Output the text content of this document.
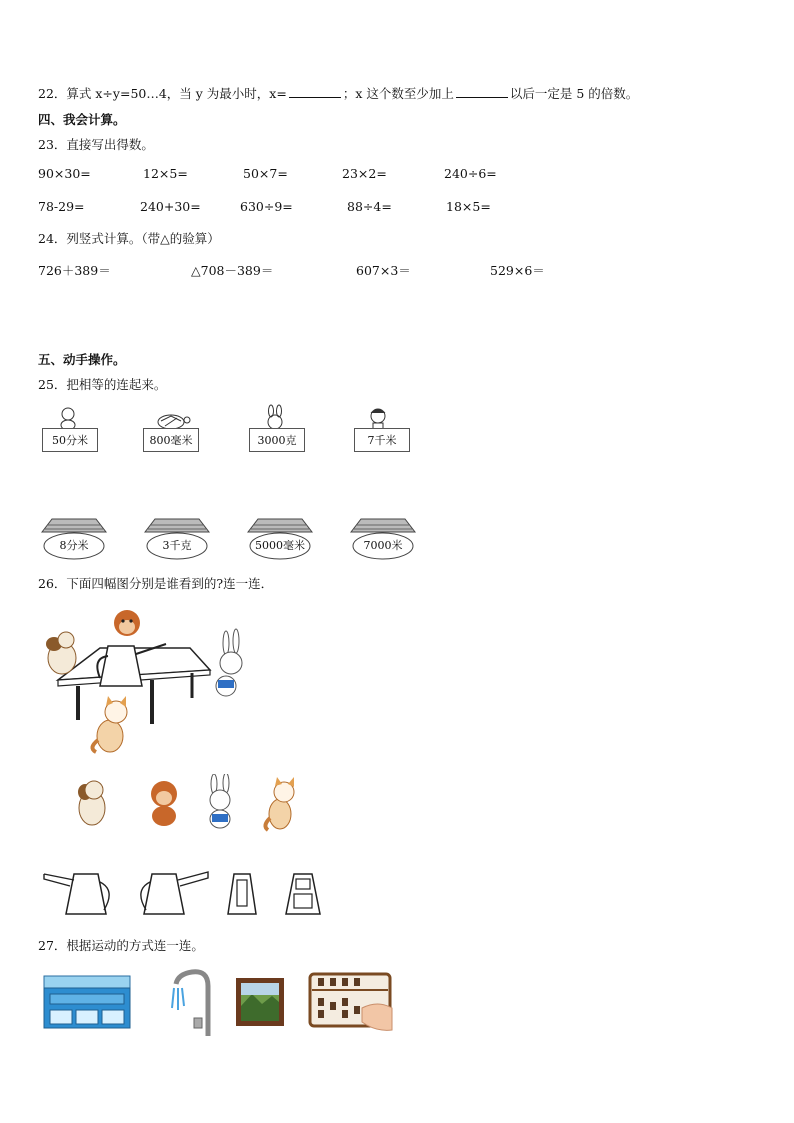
22．算式 x÷y=50…4，当 y 为最小时，x=	；x 这个数至少加上	以后一定是 5 的倍数。
四、我会计算。
23．直接写出得数。
90×30=	12×5=	50×7=	23×2=	240÷6=
78-29=	240+30=	630÷9=	88÷4=	18×5=
24．列竖式计算。（带△的验算）
726＋389＝	△708－389＝	607×3＝	529×6＝
五、动手操作。
25．把相等的连起来。
50分米	800毫米	3000克	7千米
8分米	3千克	5000毫米	7000米
26．下面四幅图分别是谁看到的?连一连．
27．根据运动的方式连一连。
